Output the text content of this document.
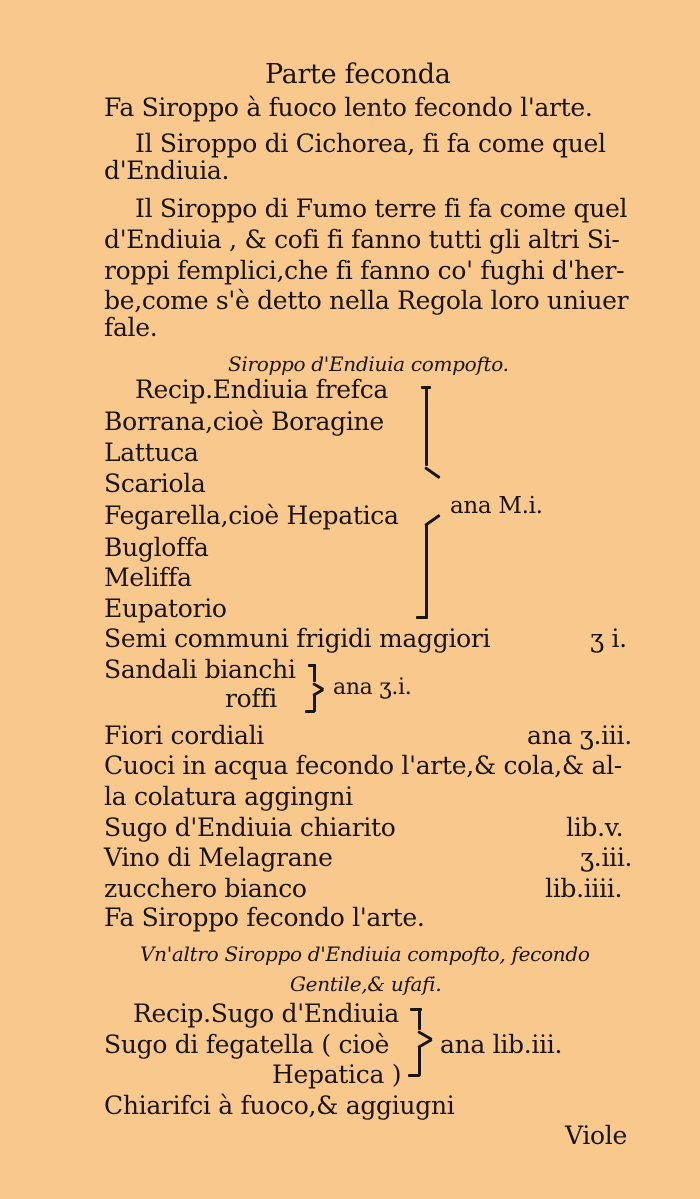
Parte feconda
Fa Siroppo à fuoco lento fecondo l'arte.
Il Siroppo di Cichorea, fi fa come quel
d'Endiuia.
Il Siroppo di Fumo terre fi fa come quel
d'Endiuia , & cofi fi fanno tutti gli altri Si-
roppi femplici,che fi fanno co' fughi d'her-
be,come s'è detto nella Regola loro uniuer
fale.
Siroppo d'Endiuia compofto.
Recip.Endiuia frefca
Borrana,cioè Boragine
Lattuca
Scariola
Fegarella,cioè Hepatica
Bugloffa
Meliffa
Eupatorio
ana M.i.
Semi communi frigidi maggiori	ʒ i.
Sandali bianchi
roffi	ana ʒ.i.
Fiori cordiali	ana ʒ.iii.
Cuoci in acqua fecondo l'arte,& cola,& al-
la colatura aggingni
Sugo d'Endiuia chiarito	lib.v.
Vino di Melagrane	ʒ.iii.
zucchero bianco	lib.iiii.
Fa Siroppo fecondo l'arte.
Vn'altro Siroppo d'Endiuia compofto, fecondo
Gentile,& ufafi.
Recip.Sugo d'Endiuia
Sugo di fegatella ( cioè
Hepatica )
ana lib.iii.
Chiarifci à fuoco,& aggiugni
Viole
